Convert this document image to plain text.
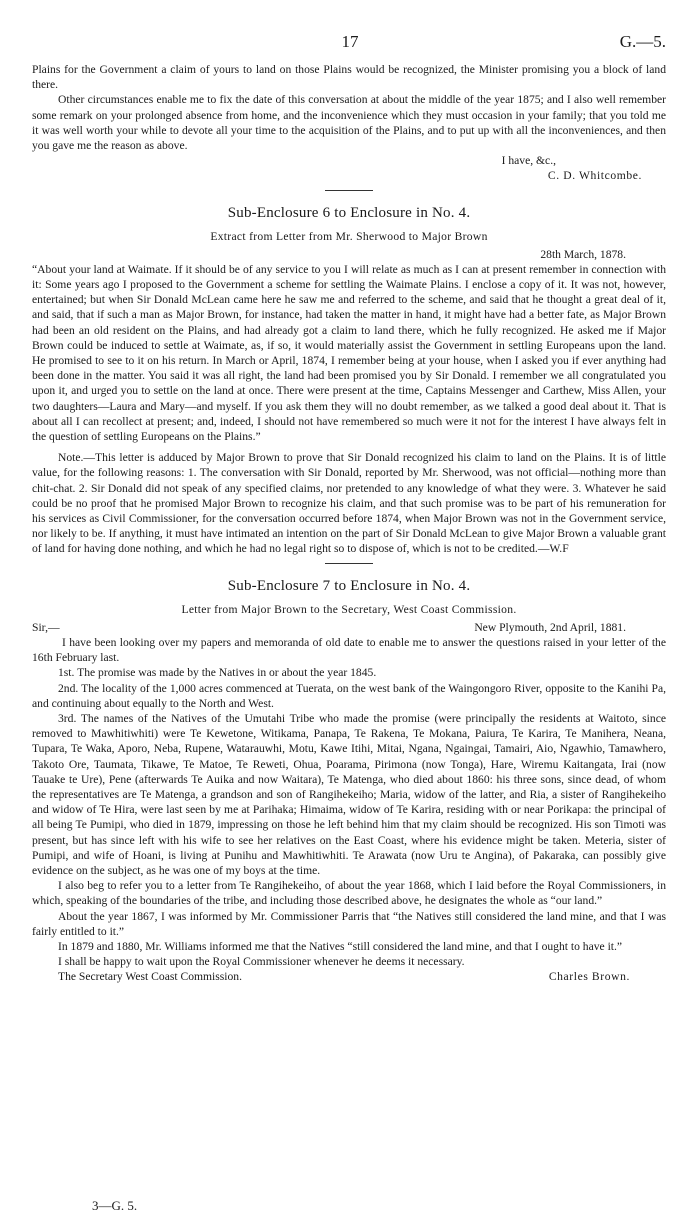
17	G.—5.

Plains for the Government a claim of yours to land on those Plains would be recognized, the Minister promising you a block of land there.

Other circumstances enable me to fix the date of this conversation at about the middle of the year 1875; and I also well remember some remark on your prolonged absence from home, and the inconvenience which they must occasion in your family; that you told me it was well worth your while to devote all your time to the acquisition of the Plains, and to put up with all the inconveniences, and then you gave me the reason as above.

I have, &c.,

C. D. Whitcombe.

Sub-Enclosure 6 to Enclosure in No. 4.
Extract from Letter from Mr. Sherwood to Major Brown

28th March, 1878.

“About your land at Waimate. If it should be of any service to you I will relate as much as I can at present remember in connection with it: Some years ago I proposed to the Government a scheme for settling the Waimate Plains. I enclose a copy of it. It was not, however, entertained; but when Sir Donald McLean came here he saw me and referred to the scheme, and said that he thought a great deal of it, and said, that if such a man as Major Brown, for instance, had taken the matter in hand, it might have had a better fate, as Major Brown had been an old resident on the Plains, and had already got a claim to land there, which he fully recognized. He asked me if Major Brown could be induced to settle at Waimate, as, if so, it would materially assist the Government in settling Europeans upon the land. He promised to see to it on his return. In March or April, 1874, I remember being at your house, when I asked you if ever anything had been done in the matter. You said it was all right, the land had been promised you by Sir Donald. I remember we all congratulated you upon it, and urged you to settle on the land at once. There were present at the time, Captains Messenger and Carthew, Miss Allen, your two daughters—Laura and Mary—and myself. If you ask them they will no doubt remember, as we talked a good deal about it. That is about all I can recollect at present; and, indeed, I should not have remembered so much were it not for the interest I have always felt in the question of settling Europeans on the Plains.”

Note.—This letter is adduced by Major Brown to prove that Sir Donald recognized his claim to land on the Plains. It is of little value, for the following reasons: 1. The conversation with Sir Donald, reported by Mr. Sherwood, was not official—nothing more than chit-chat. 2. Sir Donald did not speak of any specified claims, nor pretended to any knowledge of what they were. 3. Whatever he said could be no proof that he promised Major Brown to recognize his claim, and that such promise was to be part of his remuneration for his services as Civil Commissioner, for the conversation occurred before 1874, when Major Brown was not in the Government service, nor likely to be. If anything, it must have intimated an intention on the part of Sir Donald McLean to give Major Brown a valuable grant of land for having done nothing, and which he had no legal right so to dispose of, which is not to be credited.—W.F

Sub-Enclosure 7 to Enclosure in No. 4.
Letter from Major Brown to the Secretary, West Coast Commission.
Sir,—	New Plymouth, 2nd April, 1881.

I have been looking over my papers and memoranda of old date to enable me to answer the questions raised in your letter of the 16th February last.

1st. The promise was made by the Natives in or about the year 1845.

2nd. The locality of the 1,000 acres commenced at Tuerata, on the west bank of the Waingongoro River, opposite to the Kanihi Pa, and continuing about equally to the North and West.

3rd. The names of the Natives of the Umutahi Tribe who made the promise (were principally the residents at Waitoto, since removed to Mawhitiwhiti) were Te Kewetone, Witikama, Panapa, Te Rakena, Te Mokana, Paiura, Te Karira, Te Manihera, Neana, Tupara, Te Waka, Aporo, Neba, Rupene, Watarauwhi, Motu, Kawe Itihi, Mitai, Ngana, Ngaingai, Tamairi, Aio, Ngawhio, Tamawhero, Takoto Ore, Taumata, Tikawe, Te Matoe, Te Reweti, Ohua, Poarama, Pirimona (now Tonga), Hare, Wiremu Kaitangata, Irai (now Tauake te Ure), Pene (afterwards Te Auika and now Waitara), Te Matenga, who died about 1860: his three sons, since dead, of whom the representatives are Te Matenga, a grandson and son of Rangihekeiho; Maria, widow of the latter, and Ria, a sister of Rangihekeiho and widow of Te Hira, were last seen by me at Parihaka; Himaima, widow of Te Karira, residing with or near Porikapa: the principal of all being Te Pumipi, who died in 1879, impressing on those he left behind him that my claim should be recognized. His son Timoti was present, but has since left with his wife to see her relatives on the East Coast, where his evidence might be taken. Meteria, sister of Pumipi, and wife of Hoani, is living at Punihu and Mawhitiwhiti. Te Arawata (now Uru te Angina), of Pakaraka, can possibly give evidence on the subject, as he was one of my boys at the time.

I also beg to refer you to a letter from Te Rangihekeiho, of about the year 1868, which I laid before the Royal Commissioners, in which, speaking of the boundaries of the tribe, and including those described above, he designates the whole as “our land.”

About the year 1867, I was informed by Mr. Commissioner Parris that “the Natives still considered the land mine, and that I was fairly entitled to it.”

In 1879 and 1880, Mr. Williams informed me that the Natives “still considered the land mine, and that I ought to have it.”

I shall be happy to wait upon the Royal Commissioner whenever he deems it necessary.

The Secretary West Coast Commission.	Charles Brown.
3—G. 5.
